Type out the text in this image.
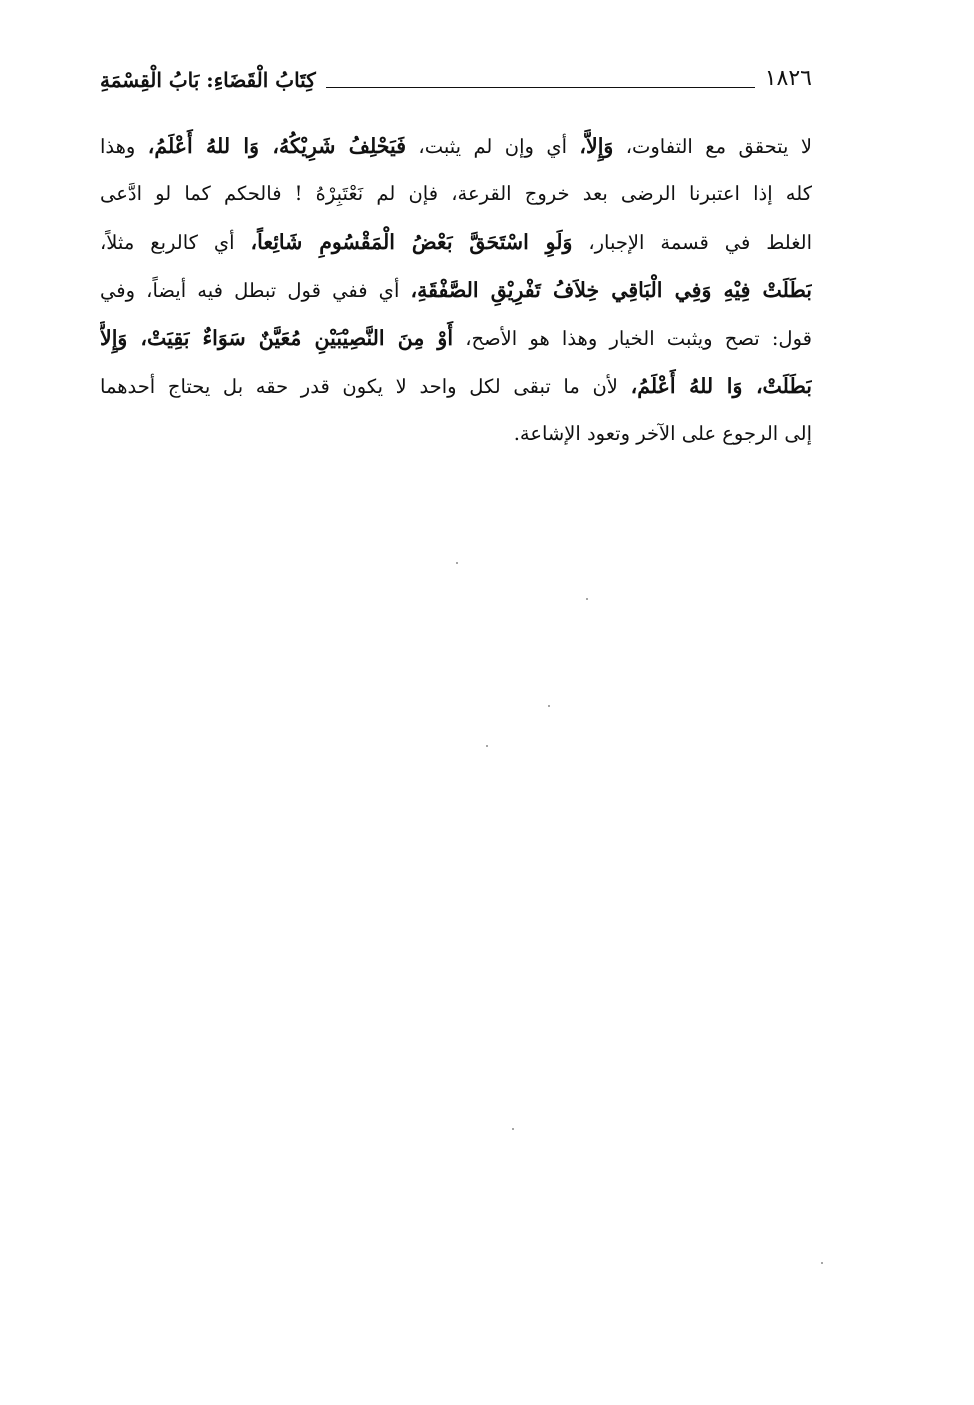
١٨٢٦
كِتَابُ الْقَضَاءِ: بَابُ الْقِسْمَةِ
لا يتحقق مع التفاوت، وَإِلاَّ، أي وإن لم يثبت، فَيَحْلِفُ شَرِيْكُهُ، وَا للهُ أَعْلَمُ، وهذا
كله إذا اعتبرنا الرضى بعد خروج القرعة، فإن لم نَعْتَبِرْهُ ! فالحكم كما لو ادَّعى
الغلط في قسمة الإجبار، وَلَوِ اسْتَحَقَّ بَعْضُ الْمَقْسُومِ شَائِعاً، أي كالربع مثلاً،
بَطَلَتْ فِيْهِ وَفِي الْبَاقِي خِلاَفُ تَفْرِيْقِ الصَّفْقَةِ، أي ففي قول تبطل فيه أيضاً، وفي
قول: تصح ويثبت الخيار وهذا هو الأصح، أَوْ مِنَ النَّصِيْبَيْنِ مُعَيَّنٌ سَوَاءٌ بَقِيَتْ، وَإِلاَّ
بَطَلَتْ، وَا للهُ أَعْلَمُ، لأن ما تبقى لكل واحد لا يكون قدر حقه بل يحتاج أحدهما
إلى الرجوع على الآخر وتعود الإشاعة.
